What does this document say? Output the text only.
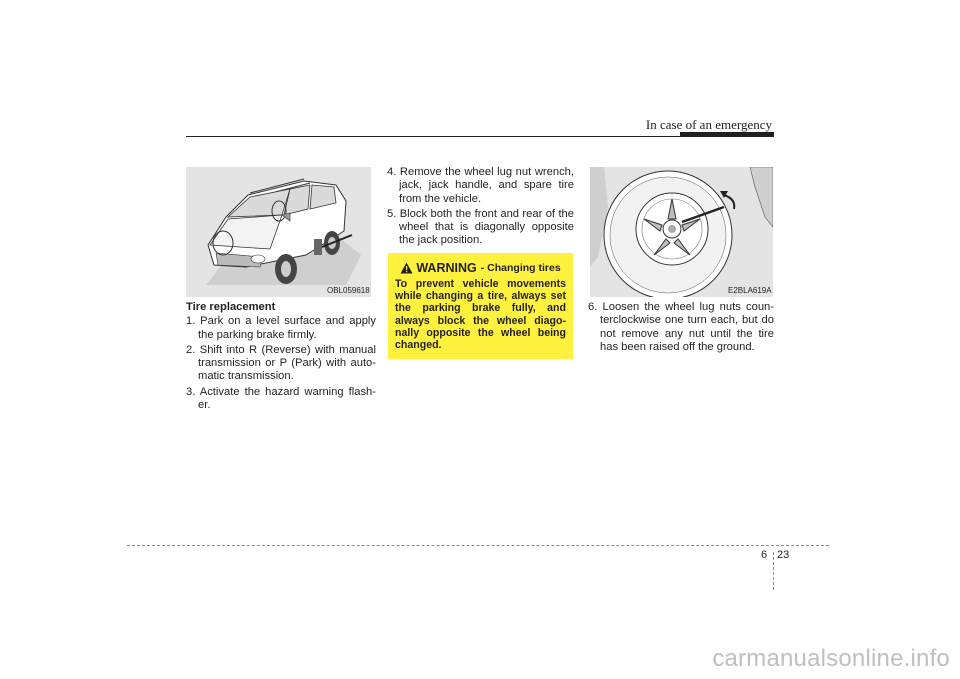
In case of an emergency
OBL059618	E2BLA619A
Tire replacement
1. Park on a level surface and apply the parking brake firmly.
2. Shift into R (Reverse) with manual transmission or P (Park) with auto-matic transmission.
3. Activate the hazard warning flash-er.
4. Remove the wheel lug nut wrench, jack, jack handle, and spare tire from the vehicle.
5. Block both the front and rear of the wheel that is diagonally opposite the jack position.
WARNING - Changing tires
To prevent vehicle movements while changing a tire, always set the parking brake fully, and always block the wheel diago-nally opposite the wheel being changed.
6. Loosen the wheel lug nuts coun-terclockwise one turn each, but do not remove any nut until the tire has been raised off the ground.
6 23
carmanualsonline.info
